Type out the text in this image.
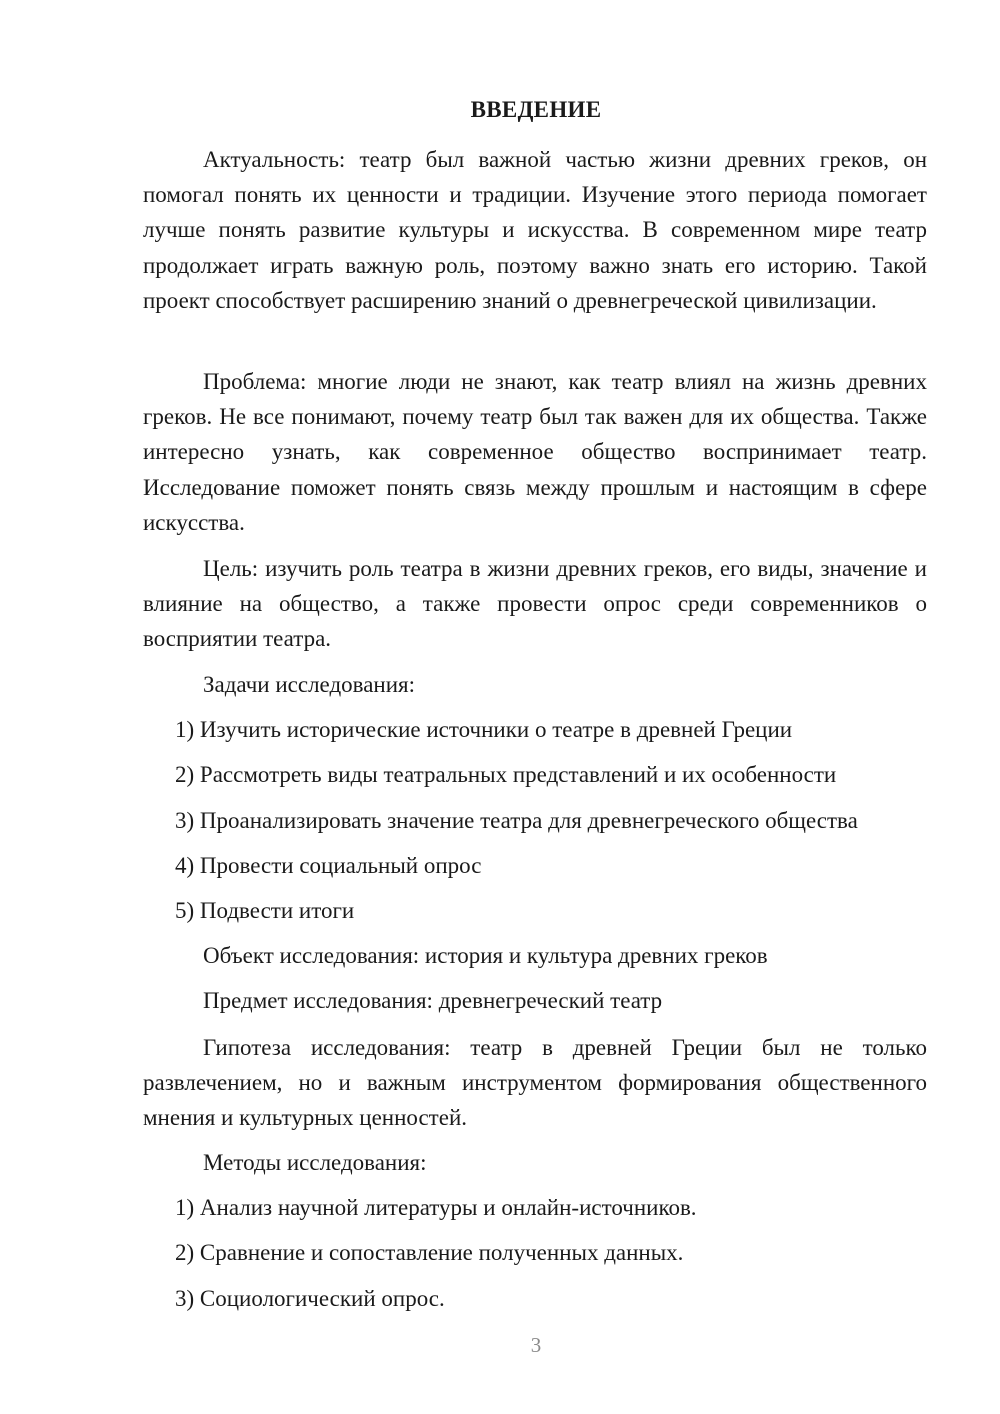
ВВЕДЕНИЕ

Актуальность: театр был важной частью жизни древних греков, он помогал понять их ценности и традиции. Изучение этого периода помогает лучше понять развитие культуры и искусства. В современном мире театр продолжает играть важную роль, поэтому важно знать его историю. Такой проект способствует расширению знаний о древнегреческой цивилизации.

Проблема: многие люди не знают, как театр влиял на жизнь древних греков. Не все понимают, почему театр был так важен для их общества. Также интересно узнать, как современное общество воспринимает театр. Исследование поможет понять связь между прошлым и настоящим в сфере искусства.

Цель: изучить роль театра в жизни древних греков, его виды, значение и влияние на общество, а также провести опрос среди современников о восприятии театра.

Задачи исследования:
1) Изучить исторические источники о театре в древней Греции
2) Рассмотреть виды театральных представлений и их особенности
3) Проанализировать значение театра для древнегреческого общества
4) Провести социальный опрос
5) Подвести итоги
Объект исследования: история и культура древних греков
Предмет исследования: древнегреческий театр

Гипотеза исследования: театр в древней Греции был не только развлечением, но и важным инструментом формирования общественного мнения и культурных ценностей.

Методы исследования:
1) Анализ научной литературы и онлайн-источников.
2) Сравнение и сопоставление полученных данных.
3) Социологический опрос.
3
